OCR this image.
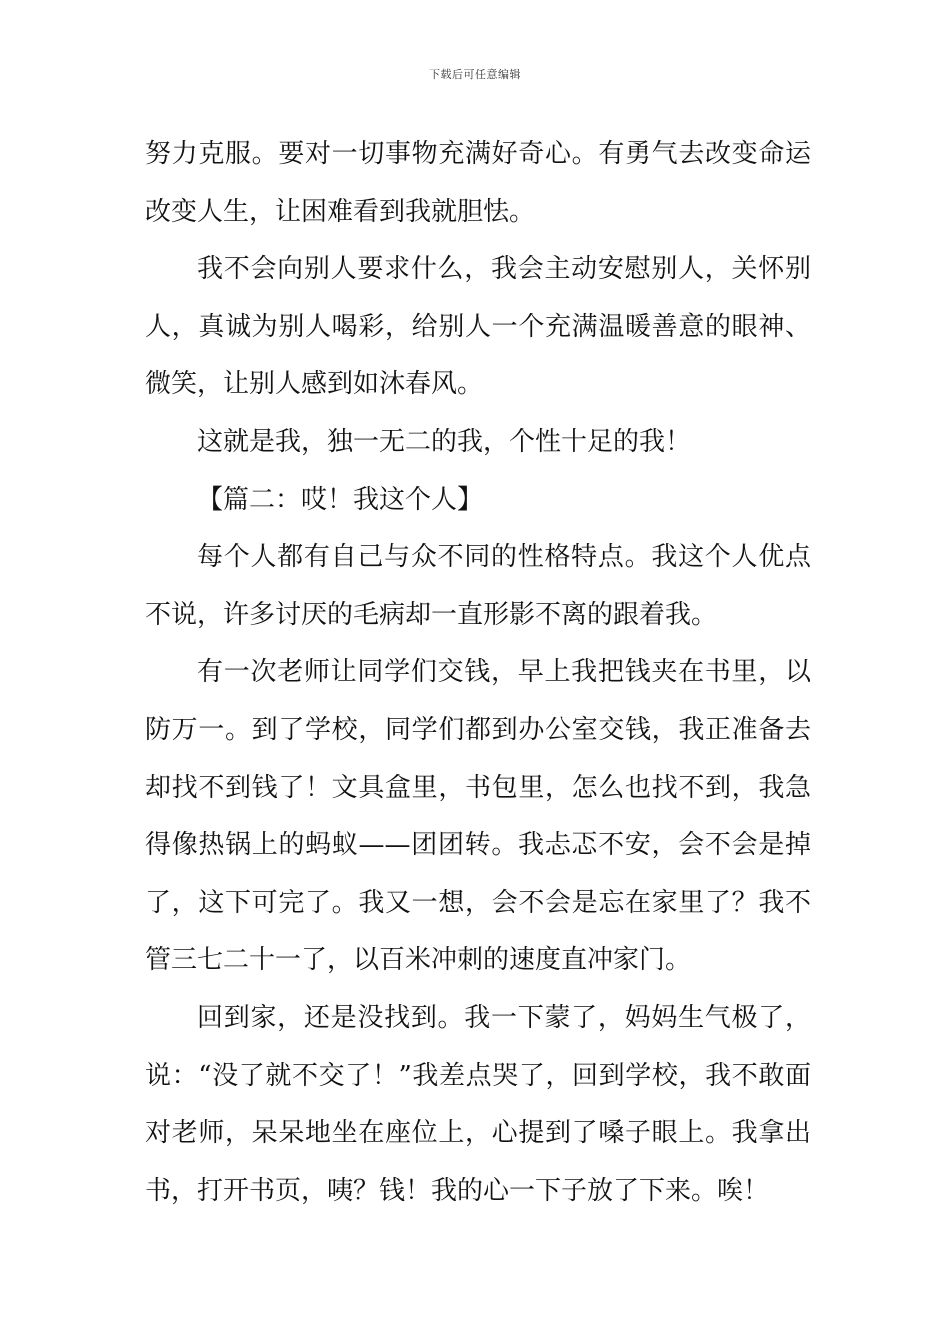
下载后可任意编辑

努力克服。要对一切事物充满好奇心。有勇气去改变命运改变人生，让困难看到我就胆怯。

我不会向别人要求什么，我会主动安慰别人，关怀别人，真诚为别人喝彩，给别人一个充满温暖善意的眼神、微笑，让别人感到如沐春风。

这就是我，独一无二的我，个性十足的我！

【篇二：哎！我这个人】

每个人都有自己与众不同的性格特点。我这个人优点不说，许多讨厌的毛病却一直形影不离的跟着我。

有一次老师让同学们交钱，早上我把钱夹在书里，以防万一。到了学校，同学们都到办公室交钱，我正准备去却找不到钱了！文具盒里，书包里，怎么也找不到，我急得像热锅上的蚂蚁——团团转。我忐忑不安，会不会是掉了，这下可完了。我又一想，会不会是忘在家里了？我不管三七二十一了，以百米冲刺的速度直冲家门。

回到家，还是没找到。我一下蒙了，妈妈生气极了，说：“没了就不交了！”我差点哭了，回到学校，我不敢面对老师，呆呆地坐在座位上，心提到了嗓子眼上。我拿出书，打开书页，咦？钱！我的心一下子放了下来。唉！
